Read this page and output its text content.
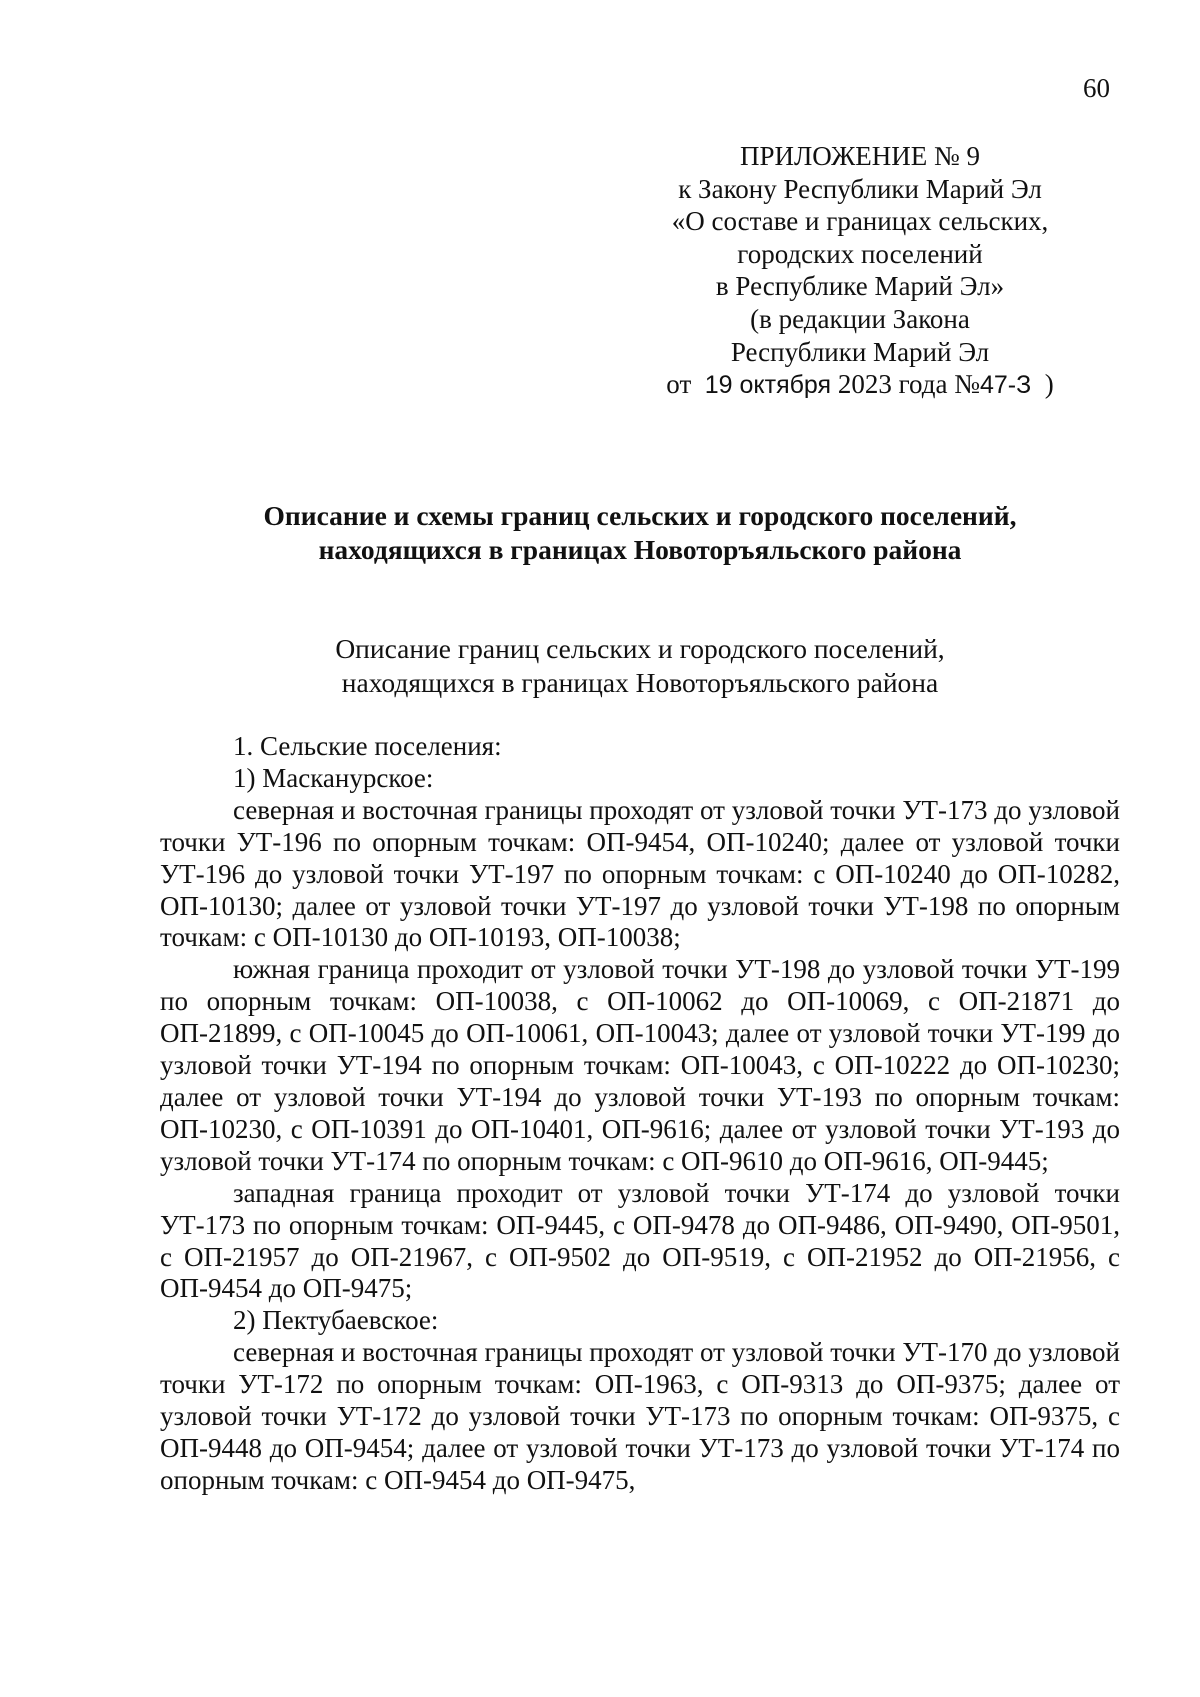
60
ПРИЛОЖЕНИЕ № 9
к Закону Республики Марий Эл
«О составе и границах сельских,
городских поселений
в Республике Марий Эл»
(в редакции Закона
Республики Марий Эл
от 19 октября 2023 года №47-З )
Описание и схемы границ сельских и городского поселений,
находящихся в границах Новоторъяльского района
Описание границ сельских и городского поселений,
находящихся в границах Новоторъяльского района
1. Сельские поселения:
1) Масканурское:

северная и восточная границы проходят от узловой точки УТ-173 до узловой точки УТ-196 по опорным точкам: ОП-9454, ОП-10240; далее от узловой точки УТ-196 до узловой точки УТ-197 по опорным точкам: с ОП-10240 до ОП-10282, ОП-10130; далее от узловой точки УТ-197 до узловой точки УТ-198 по опорным точкам: с ОП-10130 до ОП-10193, ОП-10038;

южная граница проходит от узловой точки УТ-198 до узловой точки УТ-199 по опорным точкам: ОП-10038, с ОП-10062 до ОП-10069, с ОП-21871 до ОП-21899, с ОП-10045 до ОП-10061, ОП-10043; далее от узловой точки УТ-199 до узловой точки УТ-194 по опорным точкам: ОП-10043, с ОП-10222 до ОП-10230; далее от узловой точки УТ-194 до узловой точки УТ-193 по опорным точкам: ОП-10230, с ОП-10391 до ОП-10401, ОП-9616; далее от узловой точки УТ-193 до узловой точки УТ-174 по опорным точкам: с ОП-9610 до ОП-9616, ОП-9445;

западная граница проходит от узловой точки УТ-174 до узловой точки УТ-173 по опорным точкам: ОП-9445, с ОП-9478 до ОП-9486, ОП-9490, ОП-9501, с ОП-21957 до ОП-21967, с ОП-9502 до ОП-9519, с ОП-21952 до ОП-21956, с ОП-9454 до ОП-9475;

2) Пектубаевское:

северная и восточная границы проходят от узловой точки УТ-170 до узловой точки УТ-172 по опорным точкам: ОП-1963, с ОП-9313 до ОП-9375; далее от узловой точки УТ-172 до узловой точки УТ-173 по опорным точкам: ОП-9375, с ОП-9448 до ОП-9454; далее от узловой точки УТ-173 до узловой точки УТ-174 по опорным точкам: с ОП-9454 до ОП-9475,
